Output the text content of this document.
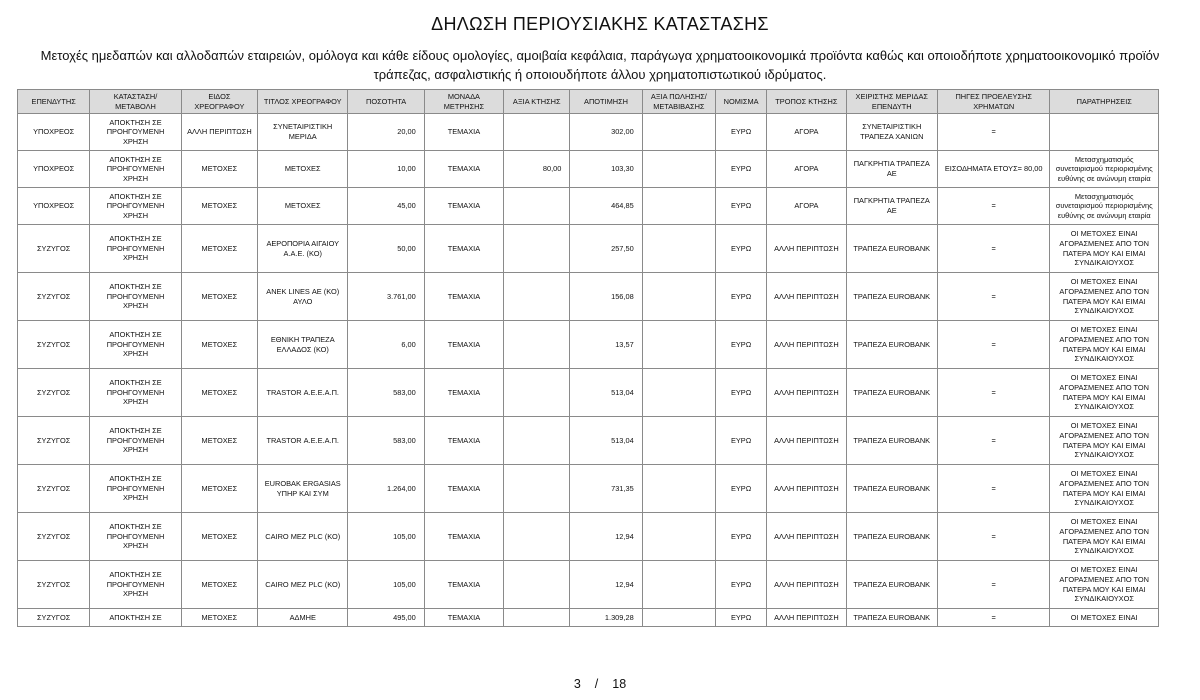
ΔΗΛΩΣΗ ΠΕΡΙΟΥΣΙΑΚΗΣ ΚΑΤΑΣΤΑΣΗΣ
Μετοχές ημεδαπών και αλλοδαπών εταιρειών, ομόλογα και κάθε είδους ομολογίες, αμοιβαία κεφάλαια, παράγωγα χρηματοοικονομικά προϊόντα καθώς και οποιοδήποτε χρηματοοικονομικό προϊόν τράπεζας, ασφαλιστικής ή οποιουδήποτε άλλου χρηματοπιστωτικού ιδρύματος.
ΕΠΕΝΔΥΤΗΣ	ΚΑΤΑΣΤΑΣΗ/ ΜΕΤΑΒΟΛΗ	ΕΙΔΟΣ ΧΡΕΟΓΡΑΦΟΥ	ΤΙΤΛΟΣ ΧΡΕΟΓΡΑΦΟΥ	ΠΟΣΟΤΗΤΑ	ΜΟΝΑΔΑ ΜΕΤΡΗΣΗΣ	ΑΞΙΑ ΚΤΗΣΗΣ	ΑΠΟΤΙΜΗΣΗ	ΑΞΙΑ ΠΩΛΗΣΗΣ/ ΜΕΤΑΒΙΒΑΣΗΣ	ΝΟΜΙΣΜΑ	ΤΡΟΠΟΣ ΚΤΗΣΗΣ	ΧΕΙΡΙΣΤΗΣ ΜΕΡΙΔΑΣ ΕΠΕΝΔΥΤΗ	ΠΗΓΕΣ ΠΡΟΕΛΕΥΣΗΣ ΧΡΗΜΑΤΩΝ	ΠΑΡΑΤΗΡΗΣΕΙΣ
ΥΠΟΧΡΕΟΣ	ΑΠΟΚΤΗΣΗ ΣΕ ΠΡΟΗΓΟΥΜΕΝΗ ΧΡΗΣΗ	ΑΛΛΗ ΠΕΡΙΠΤΩΣΗ	ΣΥΝΕΤΑΙΡΙΣΤΙΚΗ ΜΕΡΙΔΑ	20,00	ΤΕΜΑΧΙΑ		302,00		ΕΥΡΩ	ΑΓΟΡΑ	ΣΥΝΕΤΑΙΡΙΣΤΙΚΗ ΤΡΑΠΕΖΑ ΧΑΝΙΩΝ	=	
ΥΠΟΧΡΕΟΣ	ΑΠΟΚΤΗΣΗ ΣΕ ΠΡΟΗΓΟΥΜΕΝΗ ΧΡΗΣΗ	ΜΕΤΟΧΕΣ	ΜΕΤΟΧΕΣ	10,00	ΤΕΜΑΧΙΑ	80,00	103,30		ΕΥΡΩ	ΑΓΟΡΑ	ΠΑΓΚΡΗΤΙΑ ΤΡΑΠΕΖΑ ΑΕ	ΕΙΣΟΔΗΜΑΤΑ ΕΤΟΥΣ= 80,00	Μετασχηματισμός συνεταιρισμού περιορισμένης ευθύνης σε ανώνυμη εταιρία
ΥΠΟΧΡΕΟΣ	ΑΠΟΚΤΗΣΗ ΣΕ ΠΡΟΗΓΟΥΜΕΝΗ ΧΡΗΣΗ	ΜΕΤΟΧΕΣ	ΜΕΤΟΧΕΣ	45,00	ΤΕΜΑΧΙΑ		464,85		ΕΥΡΩ	ΑΓΟΡΑ	ΠΑΓΚΡΗΤΙΑ ΤΡΑΠΕΖΑ ΑΕ	=	Μετασχηματισμός συνεταιρισμού περιορισμένης ευθύνης σε ανώνυμη εταιρία
ΣΥΖΥΓΟΣ	ΑΠΟΚΤΗΣΗ ΣΕ ΠΡΟΗΓΟΥΜΕΝΗ ΧΡΗΣΗ	ΜΕΤΟΧΕΣ	ΑΕΡΟΠΟΡΙΑ ΑΙΓΑΙΟΥ Α.Α.Ε. (ΚΟ)	50,00	ΤΕΜΑΧΙΑ		257,50		ΕΥΡΩ	ΑΛΛΗ ΠΕΡΙΠΤΩΣΗ	ΤΡΑΠΕΖΑ EUROBANK	=	ΟΙ ΜΕΤΟΧΕΣ ΕΙΝΑΙ ΑΓΟΡΑΣΜΕΝΕΣ ΑΠΟ ΤΟΝ ΠΑΤΕΡΑ ΜΟΥ ΚΑΙ ΕΙΜΑΙ ΣΥΝΔΙΚΑΙΟΥΧΟΣ
ΣΥΖΥΓΟΣ	ΑΠΟΚΤΗΣΗ ΣΕ ΠΡΟΗΓΟΥΜΕΝΗ ΧΡΗΣΗ	ΜΕΤΟΧΕΣ	ΑΝΕΚ LINES ΑΕ (ΚΟ) ΑΥΛΟ	3.761,00	ΤΕΜΑΧΙΑ		156,08		ΕΥΡΩ	ΑΛΛΗ ΠΕΡΙΠΤΩΣΗ	ΤΡΑΠΕΖΑ EUROBANK	=	ΟΙ ΜΕΤΟΧΕΣ ΕΙΝΑΙ ΑΓΟΡΑΣΜΕΝΕΣ ΑΠΟ ΤΟΝ ΠΑΤΕΡΑ ΜΟΥ ΚΑΙ ΕΙΜΑΙ ΣΥΝΔΙΚΑΙΟΥΧΟΣ
ΣΥΖΥΓΟΣ	ΑΠΟΚΤΗΣΗ ΣΕ ΠΡΟΗΓΟΥΜΕΝΗ ΧΡΗΣΗ	ΜΕΤΟΧΕΣ	ΕΘΝΙΚΗ ΤΡΑΠΕΖΑ ΕΛΛΑΔΟΣ (ΚΟ)	6,00	ΤΕΜΑΧΙΑ		13,57		ΕΥΡΩ	ΑΛΛΗ ΠΕΡΙΠΤΩΣΗ	ΤΡΑΠΕΖΑ EUROBANK	=	ΟΙ ΜΕΤΟΧΕΣ ΕΙΝΑΙ ΑΓΟΡΑΣΜΕΝΕΣ ΑΠΟ ΤΟΝ ΠΑΤΕΡΑ ΜΟΥ ΚΑΙ ΕΙΜΑΙ ΣΥΝΔΙΚΑΙΟΥΧΟΣ
ΣΥΖΥΓΟΣ	ΑΠΟΚΤΗΣΗ ΣΕ ΠΡΟΗΓΟΥΜΕΝΗ ΧΡΗΣΗ	ΜΕΤΟΧΕΣ	TRASTOR Α.Ε.Ε.Α.Π.	583,00	ΤΕΜΑΧΙΑ		513,04		ΕΥΡΩ	ΑΛΛΗ ΠΕΡΙΠΤΩΣΗ	ΤΡΑΠΕΖΑ EUROBANK	=	ΟΙ ΜΕΤΟΧΕΣ ΕΙΝΑΙ ΑΓΟΡΑΣΜΕΝΕΣ ΑΠΟ ΤΟΝ ΠΑΤΕΡΑ ΜΟΥ ΚΑΙ ΕΙΜΑΙ ΣΥΝΔΙΚΑΙΟΥΧΟΣ
ΣΥΖΥΓΟΣ	ΑΠΟΚΤΗΣΗ ΣΕ ΠΡΟΗΓΟΥΜΕΝΗ ΧΡΗΣΗ	ΜΕΤΟΧΕΣ	TRASTOR Α.Ε.Ε.Α.Π.	583,00	ΤΕΜΑΧΙΑ		513,04		ΕΥΡΩ	ΑΛΛΗ ΠΕΡΙΠΤΩΣΗ	ΤΡΑΠΕΖΑ EUROBANK	=	ΟΙ ΜΕΤΟΧΕΣ ΕΙΝΑΙ ΑΓΟΡΑΣΜΕΝΕΣ ΑΠΟ ΤΟΝ ΠΑΤΕΡΑ ΜΟΥ ΚΑΙ ΕΙΜΑΙ ΣΥΝΔΙΚΑΙΟΥΧΟΣ
ΣΥΖΥΓΟΣ	ΑΠΟΚΤΗΣΗ ΣΕ ΠΡΟΗΓΟΥΜΕΝΗ ΧΡΗΣΗ	ΜΕΤΟΧΕΣ	EUROBAK ERGASIAS ΥΠΗΡ ΚΑΙ ΣΥΜ	1.264,00	ΤΕΜΑΧΙΑ		731,35		ΕΥΡΩ	ΑΛΛΗ ΠΕΡΙΠΤΩΣΗ	ΤΡΑΠΕΖΑ EUROBANK	=	ΟΙ ΜΕΤΟΧΕΣ ΕΙΝΑΙ ΑΓΟΡΑΣΜΕΝΕΣ ΑΠΟ ΤΟΝ ΠΑΤΕΡΑ ΜΟΥ ΚΑΙ ΕΙΜΑΙ ΣΥΝΔΙΚΑΙΟΥΧΟΣ
ΣΥΖΥΓΟΣ	ΑΠΟΚΤΗΣΗ ΣΕ ΠΡΟΗΓΟΥΜΕΝΗ ΧΡΗΣΗ	ΜΕΤΟΧΕΣ	CAIRO MEZ PLC (ΚΟ)	105,00	ΤΕΜΑΧΙΑ		12,94		ΕΥΡΩ	ΑΛΛΗ ΠΕΡΙΠΤΩΣΗ	ΤΡΑΠΕΖΑ EUROBANK	=	ΟΙ ΜΕΤΟΧΕΣ ΕΙΝΑΙ ΑΓΟΡΑΣΜΕΝΕΣ ΑΠΟ ΤΟΝ ΠΑΤΕΡΑ ΜΟΥ ΚΑΙ ΕΙΜΑΙ ΣΥΝΔΙΚΑΙΟΥΧΟΣ
ΣΥΖΥΓΟΣ	ΑΠΟΚΤΗΣΗ ΣΕ ΠΡΟΗΓΟΥΜΕΝΗ ΧΡΗΣΗ	ΜΕΤΟΧΕΣ	CAIRO MEZ PLC (ΚΟ)	105,00	ΤΕΜΑΧΙΑ		12,94		ΕΥΡΩ	ΑΛΛΗ ΠΕΡΙΠΤΩΣΗ	ΤΡΑΠΕΖΑ EUROBANK	=	ΟΙ ΜΕΤΟΧΕΣ ΕΙΝΑΙ ΑΓΟΡΑΣΜΕΝΕΣ ΑΠΟ ΤΟΝ ΠΑΤΕΡΑ ΜΟΥ ΚΑΙ ΕΙΜΑΙ ΣΥΝΔΙΚΑΙΟΥΧΟΣ
ΣΥΖΥΓΟΣ	ΑΠΟΚΤΗΣΗ ΣΕ	ΜΕΤΟΧΕΣ	ΑΔΜΗΕ	495,00	ΤΕΜΑΧΙΑ		1.309,28		ΕΥΡΩ	ΑΛΛΗ ΠΕΡΙΠΤΩΣΗ	ΤΡΑΠΕΖΑ EUROBANK	=	ΟΙ ΜΕΤΟΧΕΣ ΕΙΝΑΙ
3 / 18
